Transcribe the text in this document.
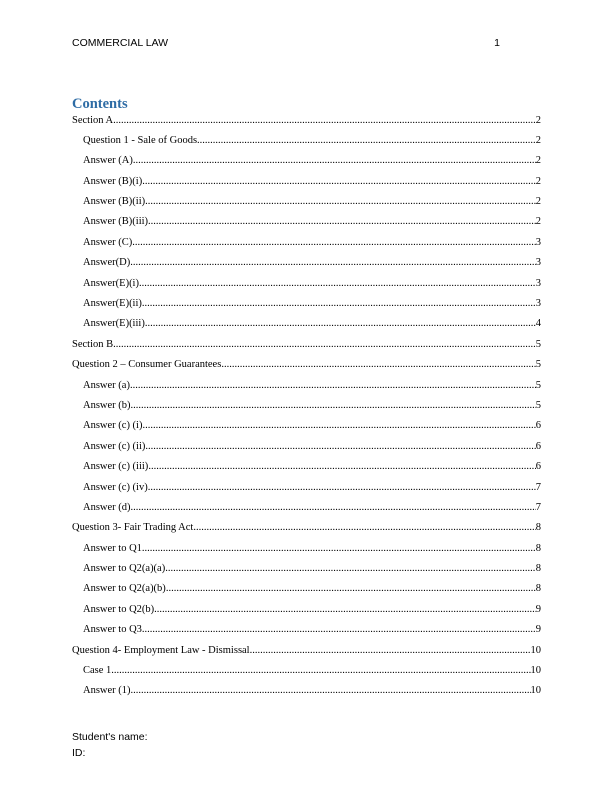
COMMERCIAL LAW	1
Contents
Section A .....	2
Question 1 - Sale of Goods .....	2
Answer (A) .....	2
Answer (B)(i) .....	2
Answer (B)(ii) .....	2
Answer (B)(iii) .....	2
Answer (C) .....	3
Answer(D) .....	3
Answer(E)(i) .....	3
Answer(E)(ii) .....	3
Answer(E)(iii) .....	4
Section B .....	5
Question 2 – Consumer Guarantees .....	5
Answer (a) .....	5
Answer (b) .....	5
Answer (c) (i) .....	6
Answer (c) (ii) .....	6
Answer (c) (iii) .....	6
Answer (c) (iv) .....	7
Answer (d) .....	7
Question 3- Fair Trading Act .....	8
Answer to Q1 .....	8
Answer to Q2(a)(a) .....	8
Answer to Q2(a)(b) .....	8
Answer to Q2(b) .....	9
Answer to Q3 .....	9
Question 4- Employment Law - Dismissal .....	10
Case 1 .....	10
Answer (1) .....	10
Student's name:
ID:
